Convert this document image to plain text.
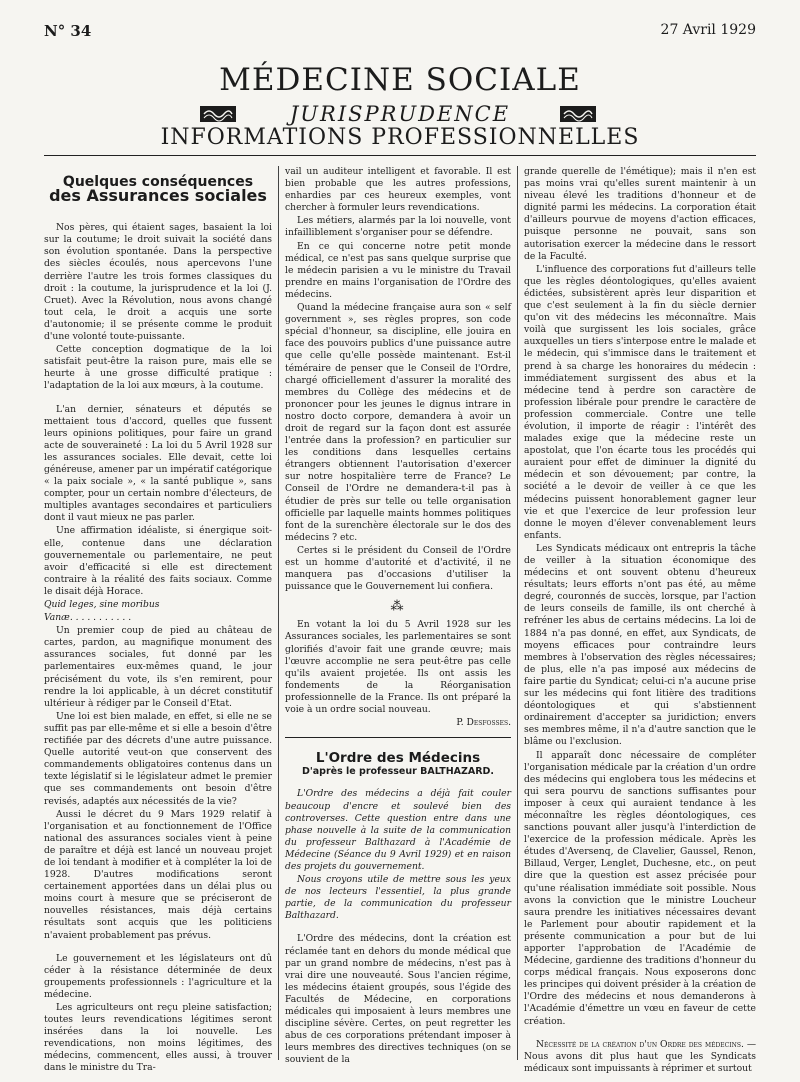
N° 34	27 Avril 1929
MÉDECINE SOCIALE
JURISPRUDENCE
INFORMATIONS PROFESSIONNELLES
Quelques conséquences
des Assurances sociales

Nos pères, qui étaient sages, basaient la loi sur la coutume; le droit suivait la société dans son évolution spontanée. Dans la perspective des siècles écoulés, nous apercevons l'une derrière l'autre les trois formes classiques du droit : la coutume, la jurisprudence et la loi (J. Cruet). Avec la Révolution, nous avons changé tout cela, le droit a acquis une sorte d'autonomie; il se présente comme le produit d'une volonté toute-puissante.

Cette conception dogmatique de la loi satisfait peut-être la raison pure, mais elle se heurte à une grosse difficulté pratique : l'adaptation de la loi aux mœurs, à la coutume.

L'an dernier, sénateurs et députés se mettaient tous d'accord, quelles que fussent leurs opinions politiques, pour faire un grand acte de souveraineté : La loi du 5 Avril 1928 sur les assurances sociales. Elle devait, cette loi généreuse, amener par un impératif catégorique « la paix sociale », « la santé publique », sans compter, pour un certain nombre d'électeurs, de multiples avantages secondaires et particuliers dont il vaut mieux ne pas parler.

Une affirmation idéaliste, si énergique soit-elle, contenue dans une déclaration gouvernementale ou parlementaire, ne peut avoir d'efficacité si elle est directement contraire à la réalité des faits sociaux. Comme le disait déjà Horace.

Quid leges, sine moribus

Vanæ. . . . . . . . . . .

Un premier coup de pied au château de cartes, pardon, au magnifique monument des assurances sociales, fut donné par les parlementaires eux-mêmes quand, le jour précisément du vote, ils s'en remirent, pour rendre la loi applicable, à un décret constitutif ultérieur à rédiger par le Conseil d'Etat.

Une loi est bien malade, en effet, si elle ne se suffit pas par elle-même et si elle a besoin d'être rectifiée par des décrets d'une autre puissance. Quelle autorité veut-on que conservent des commandements obligatoires contenus dans un texte législatif si le législateur admet le premier que ses commandements ont besoin d'être revisés, adaptés aux nécessités de la vie?

Aussi le décret du 9 Mars 1929 relatif à l'organisation et au fonctionnement de l'Office national des assurances sociales vient à peine de paraître et déjà est lancé un nouveau projet de loi tendant à modifier et à compléter la loi de 1928. D'autres modifications seront certainement apportées dans un délai plus ou moins court à mesure que se préciseront de nouvelles résistances, mais déjà certains résultats sont acquis que les politiciens n'avaient probablement pas prévus.

Le gouvernement et les législateurs ont dû céder à la résistance déterminée de deux groupements professionnels : l'agriculture et la médecine.

Les agriculteurs ont reçu pleine satisfaction; toutes leurs revendications légitimes seront insérées dans la loi nouvelle. Les revendications, non moins légitimes, des médecins, commencent, elles aussi, à trouver dans le ministre du Tra-

vail un auditeur intelligent et favorable. Il est bien probable que les autres professions, enhardies par ces heureux exemples, vont chercher à formuler leurs revendications.

Les métiers, alarmés par la loi nouvelle, vont infailliblement s'organiser pour se défendre.

En ce qui concerne notre petit monde médical, ce n'est pas sans quelque surprise que le médecin parisien a vu le ministre du Travail prendre en mains l'organisation de l'Ordre des médecins.

Quand la médecine française aura son « self government », ses règles propres, son code spécial d'honneur, sa discipline, elle jouira en face des pouvoirs publics d'une puissance autre que celle qu'elle possède maintenant. Est-il téméraire de penser que le Conseil de l'Ordre, chargé officiellement d'assurer la moralité des membres du Collège des médecins et de prononcer pour les jeunes le dignus intrare in nostro docto corpore, demandera à avoir un droit de regard sur la façon dont est assurée l'entrée dans la profession? en particulier sur les conditions dans lesquelles certains étrangers obtiennent l'autorisation d'exercer sur notre hospitalière terre de France? Le Conseil de l'Ordre ne demandera-t-il pas à étudier de près sur telle ou telle organisation officielle par laquelle maints hommes politiques font de la surenchère électorale sur le dos des médecins ? etc.

Certes si le président du Conseil de l'Ordre est un homme d'autorité et d'activité, il ne manquera pas d'occasions d'utiliser la puissance que le Gouvernement lui confiera.

⁂

En votant la loi du 5 Avril 1928 sur les Assurances sociales, les parlementaires se sont glorifiés d'avoir fait une grande œuvre; mais l'œuvre accomplie ne sera peut-être pas celle qu'ils avaient projetée. Ils ont assis les fondements de la Réorganisation professionnelle de la France. Ils ont préparé la voie à un ordre social nouveau.

P. Desfosses.

L'Ordre des Médecins
D'après le professeur BALTHAZARD.

L'Ordre des médecins a déjà fait couler beaucoup d'encre et soulevé bien des controverses. Cette question entre dans une phase nouvelle à la suite de la communication du professeur Balthazard à l'Académie de Médecine (Séance du 9 Avril 1929) et en raison des projets du gouvernement.

Nous croyons utile de mettre sous les yeux de nos lecteurs l'essentiel, la plus grande partie, de la communication du professeur Balthazard.

L'Ordre des médecins, dont la création est réclamée tant en dehors du monde médical que par un grand nombre de médecins, n'est pas à vrai dire une nouveauté. Sous l'ancien régime, les médecins étaient groupés, sous l'égide des Facultés de Médecine, en corporations médicales qui imposaient à leurs membres une discipline sévère. Certes, on peut regretter les abus de ces corporations prétendant imposer à leurs membres des directives techniques (on se souvient de la

grande querelle de l'émétique); mais il n'en est pas moins vrai qu'elles surent maintenir à un niveau élevé les traditions d'honneur et de dignité parmi les médecins. La corporation était d'ailleurs pourvue de moyens d'action efficaces, puisque personne ne pouvait, sans son autorisation exercer la médecine dans le ressort de la Faculté.

L'influence des corporations fut d'ailleurs telle que les règles déontologiques, qu'elles avaient édictées, subsistèrent après leur disparition et que c'est seulement à la fin du siècle dernier qu'on vit des médecins les méconnaître. Mais voilà que surgissent les lois sociales, grâce auxquelles un tiers s'interpose entre le malade et le médecin, qui s'immisce dans le traitement et prend à sa charge les honoraires du médecin : immédiatement surgissent des abus et la médecine tend à perdre son caractère de profession libérale pour prendre le caractère de profession commerciale. Contre une telle évolution, il importe de réagir : l'intérêt des malades exige que la médecine reste un apostolat, que l'on écarte tous les procédés qui auraient pour effet de diminuer la dignité du médecin et son dévouement; par contre, la société a le devoir de veiller à ce que les médecins puissent honorablement gagner leur vie et que l'exercice de leur profession leur donne le moyen d'élever convenablement leurs enfants.

Les Syndicats médicaux ont entrepris la tâche de veiller à la situation économique des médecins et ont souvent obtenu d'heureux résultats; leurs efforts n'ont pas été, au même degré, couronnés de succès, lorsque, par l'action de leurs conseils de famille, ils ont cherché à refréner les abus de certains médecins. La loi de 1884 n'a pas donné, en effet, aux Syndicats, de moyens efficaces pour contraindre leurs membres à l'observation des règles nécessaires; de plus, elle n'a pas imposé aux médecins de faire partie du Syndicat; celui-ci n'a aucune prise sur les médecins qui font litière des traditions déontologiques et qui s'abstiennent ordinairement d'accepter sa juridiction; envers ses membres même, il n'a d'autre sanction que le blâme ou l'exclusion.

Il apparaît donc nécessaire de compléter l'organisation médicale par la création d'un ordre des médecins qui englobera tous les médecins et qui sera pourvu de sanctions suffisantes pour imposer à ceux qui auraient tendance à les méconnaître les règles déontologiques, ces sanctions pouvant aller jusqu'à l'interdiction de l'exercice de la profession médicale. Après les études d'Aversenq, de Clavelier, Gaussel, Renon, Billaud, Verger, Lenglet, Duchesne, etc., on peut dire que la question est assez précisée pour qu'une réalisation immédiate soit possible. Nous avons la conviction que le ministre Loucheur saura prendre les initiatives nécessaires devant le Parlement pour aboutir rapidement et la présente communication a pour but de lui apporter l'approbation de l'Académie de Médecine, gardienne des traditions d'honneur du corps médical français. Nous exposerons donc les principes qui doivent présider à la création de l'Ordre des médecins et nous demanderons à l'Académie d'émettre un vœu en faveur de cette création.

Nécessité de la création d'un Ordre des médecins. — Nous avons dit plus haut que les Syndicats médicaux sont impuissants à réprimer et surtout
